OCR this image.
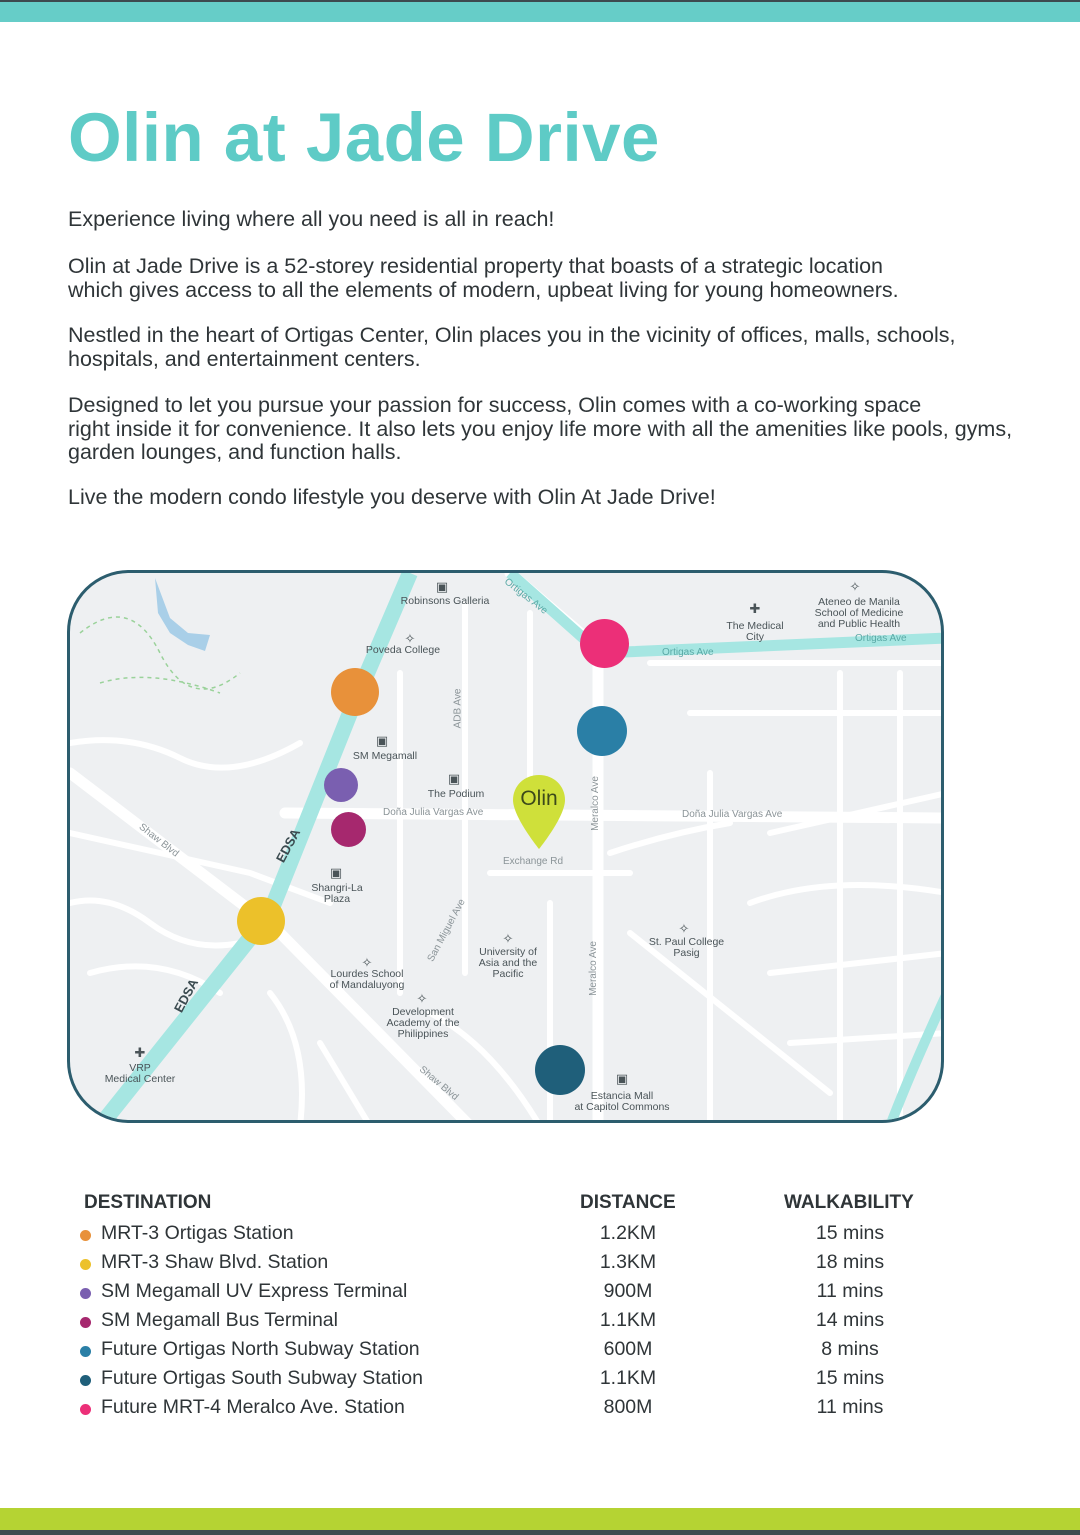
Olin at Jade Drive

Experience living where all you need is all in reach!

Olin at Jade Drive is a 52-storey residential property that boasts of a strategic location
which gives access to all the elements of modern, upbeat living for young homeowners.

Nestled in the heart of Ortigas Center, Olin places you in the vicinity of offices, malls, schools,
hospitals, and entertainment centers.

Designed to let you pursue your passion for success, Olin comes with a co-working space
right inside it for convenience. It also lets you enjoy life more with all the amenities like pools, gyms,
garden lounges, and function halls.

Live the modern condo lifestyle you deserve with Olin At Jade Drive!

Ortigas Ave
Ortigas Ave
Ortigas Ave
ADB Ave
Doña Julia Vargas Ave	Doña Julia Vargas Ave
Exchange Rd
Meralco Ave
Meralco Ave
Shaw Blvd
Shaw Blvd
San Miguel Ave
EDSA
EDSA
▣
✧
▣
▣
▣
✧
✧
✧
✧
✚
✧
✚
▣
Robinsons Galleria
Poveda College
SM Megamall
The Podium
Shangri-La
Plaza
Lourdes School
of Mandaluyong
Development
Academy of the
Philippines
University of
Asia and the
Pacific
St. Paul College
Pasig
The Medical
City
Ateneo de Manila
School of Medicine
and Public Health
VRP
Medical Center
Estancia Mall
at Capitol Commons
Olin
DESTINATION	DISTANCE	WALKABILITY
MRT-3 Ortigas Station	1.2KM	15 mins
MRT-3 Shaw Blvd. Station	1.3KM	18 mins
SM Megamall UV Express Terminal	900M	11 mins
SM Megamall Bus Terminal	1.1KM	14 mins
Future Ortigas North Subway Station	600M	8 mins
Future Ortigas South Subway Station	1.1KM	15 mins
Future MRT-4 Meralco Ave. Station	800M	11 mins
